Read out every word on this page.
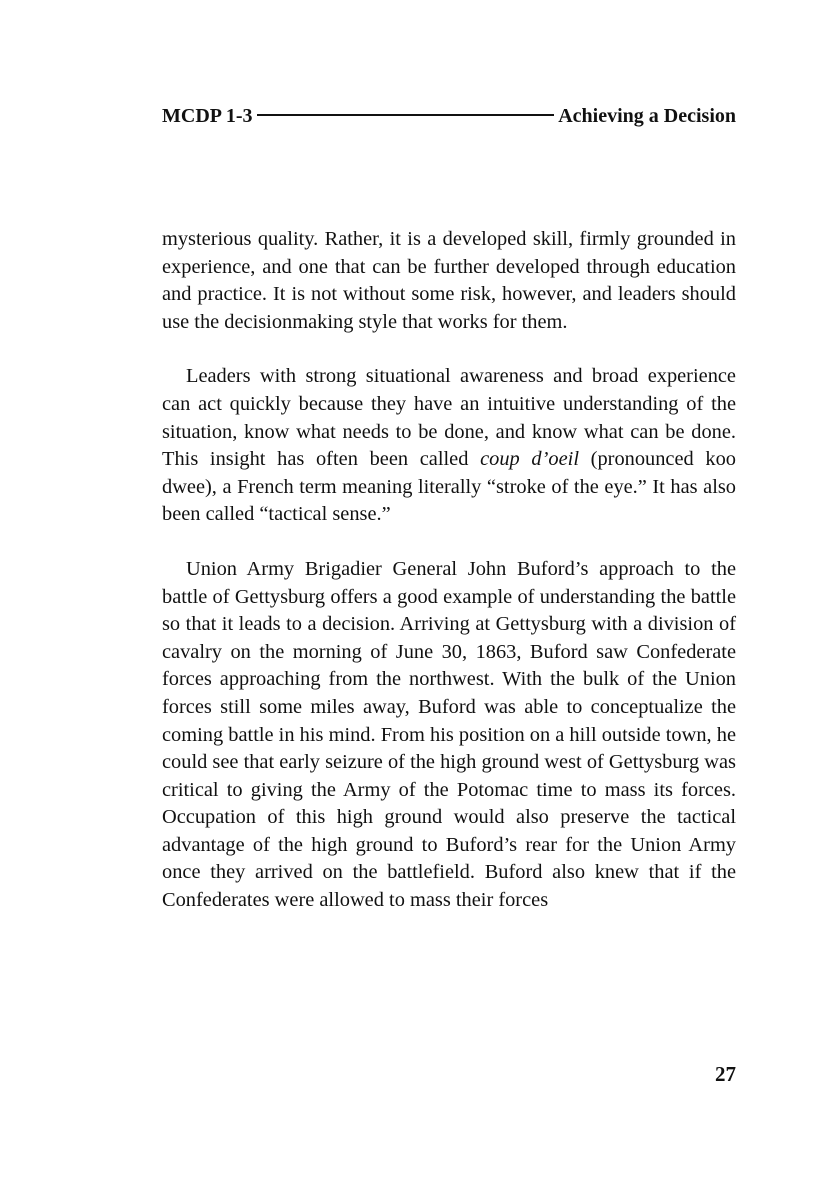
MCDP 1-3	Achieving a Decision

mysterious quality. Rather, it is a developed skill, firmly grounded in experience, and one that can be further developed through education and practice. It is not without some risk, however, and leaders should use the decisionmaking style that works for them.

Leaders with strong situational awareness and broad experience can act quickly because they have an intuitive understanding of the situation, know what needs to be done, and know what can be done. This insight has often been called coup d’oeil (pronounced koo dwee), a French term meaning literally “stroke of the eye.” It has also been called “tactical sense.”

Union Army Brigadier General John Buford’s approach to the battle of Gettysburg offers a good example of understanding the battle so that it leads to a decision. Arriving at Gettysburg with a division of cavalry on the morning of June 30, 1863, Buford saw Confederate forces approaching from the northwest. With the bulk of the Union forces still some miles away, Buford was able to conceptualize the coming battle in his mind. From his position on a hill outside town, he could see that early seizure of the high ground west of Gettysburg was critical to giving the Army of the Potomac time to mass its forces. Occupation of this high ground would also preserve the tactical advantage of the high ground to Buford’s rear for the Union Army once they arrived on the battlefield. Buford also knew that if the Confederates were allowed to mass their forces

27
